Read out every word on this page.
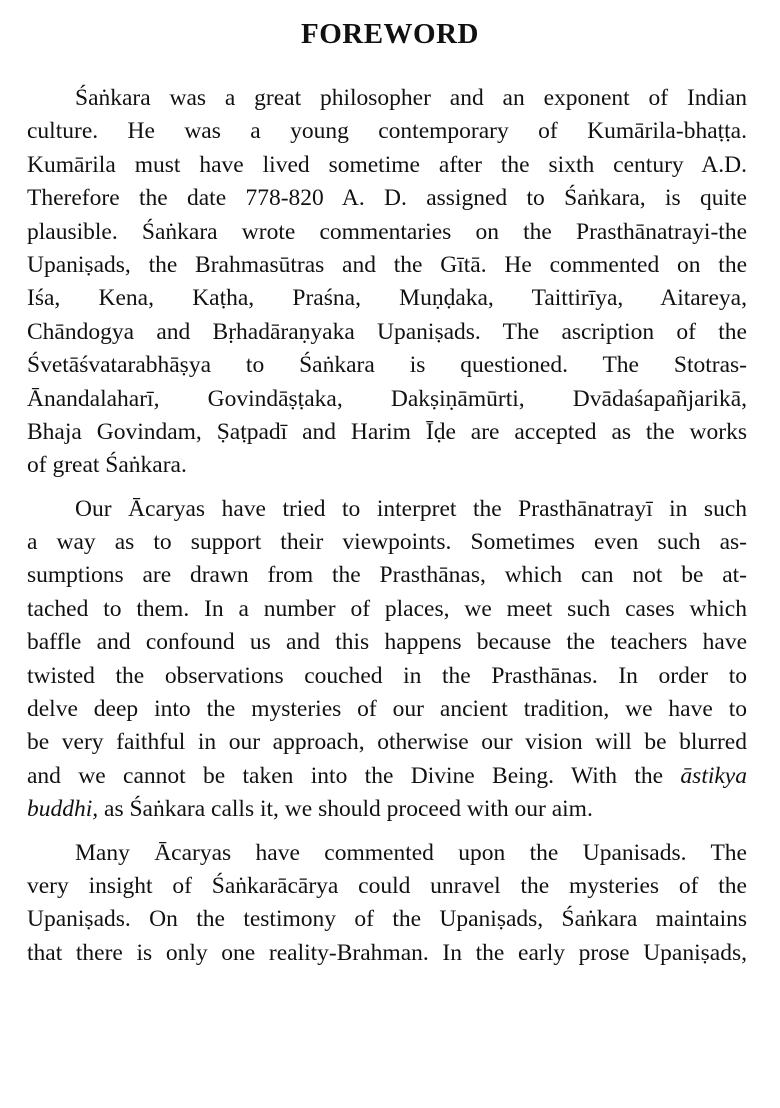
FOREWORD
Śaṅkara was a great philosopher and an exponent of Indian
culture. He was a young contemporary of Kumārila-bhaṭṭa.
Kumārila must have lived sometime after the sixth century A.D.
Therefore the date 778-820 A. D. assigned to Śaṅkara, is quite
plausible. Śaṅkara wrote commentaries on the Prasthānatrayi-the
Upaniṣads, the Brahmasūtras and the Gītā. He commented on the
Iśa, Kena, Kaṭha, Praśna, Muṇḍaka, Taittirīya, Aitareya,
Chāndogya and Bṛhadāraṇyaka Upaniṣads. The ascription of the
Śvetāśvatarabhāṣya to Śaṅkara is questioned. The Stotras-
Ānandalaharī, Govindāṣṭaka, Dakṣiṇāmūrti, Dvādaśapañjarikā,
Bhaja Govindam, Ṣaṭpadī and Harim Īḍe are accepted as the works
of great Śaṅkara.
Our Ācaryas have tried to interpret the Prasthānatrayī in such
a way as to support their viewpoints. Sometimes even such as-
sumptions are drawn from the Prasthānas, which can not be at-
tached to them. In a number of places, we meet such cases which
baffle and confound us and this happens because the teachers have
twisted the observations couched in the Prasthānas. In order to
delve deep into the mysteries of our ancient tradition, we have to
be very faithful in our approach, otherwise our vision will be blurred
and we cannot be taken into the Divine Being. With the āstikya
buddhi, as Śaṅkara calls it, we should proceed with our aim.
Many Ācaryas have commented upon the Upanisads. The
very insight of Śaṅkarācārya could unravel the mysteries of the
Upaniṣads. On the testimony of the Upaniṣads, Śaṅkara maintains
that there is only one reality-Brahman. In the early prose Upaniṣads,
